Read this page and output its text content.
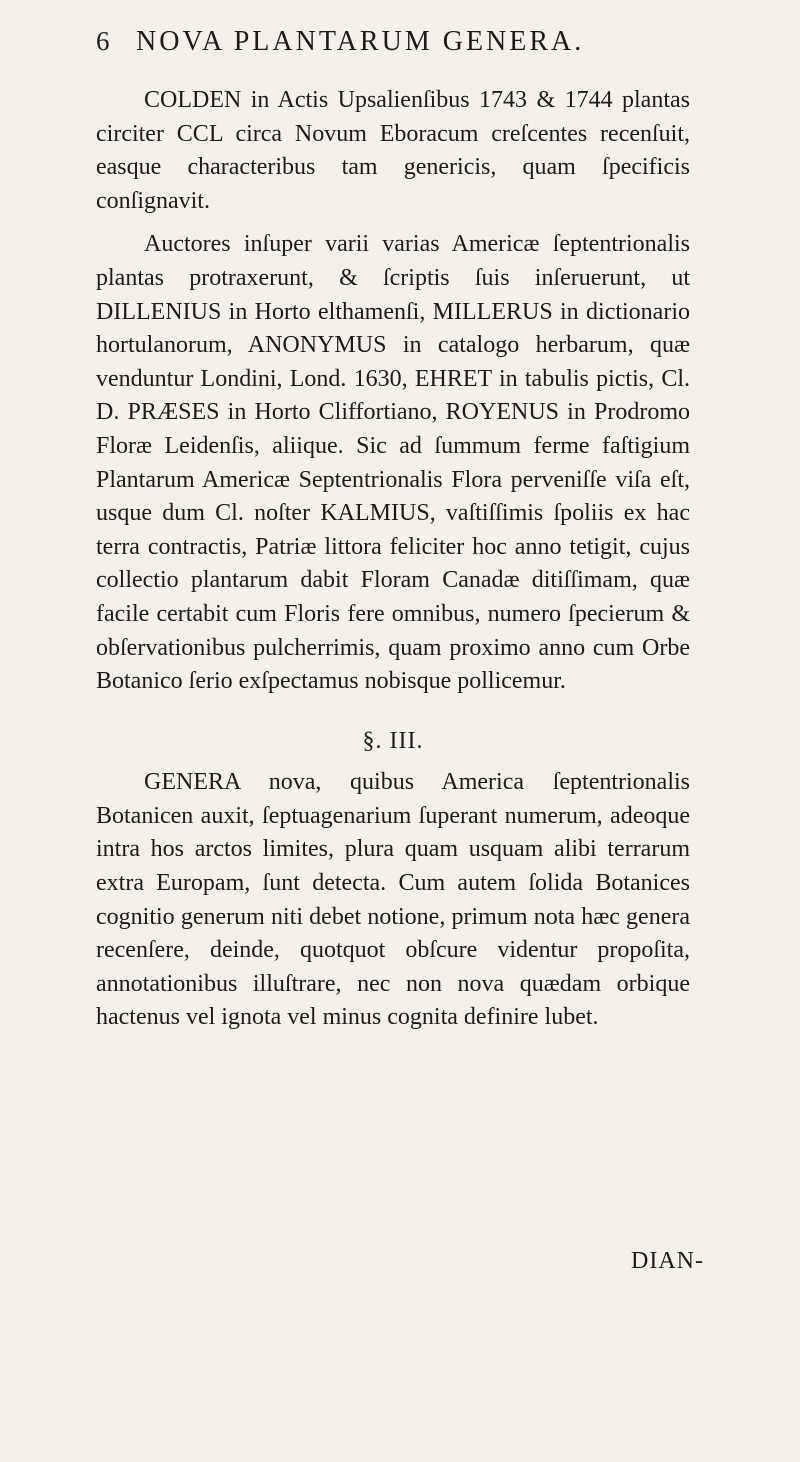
6 NOVA PLANTARUM GENERA.

COLDEN in Actis Upsalienſibus 1743 & 1744 plantas circiter CCL circa Novum Eboracum creſcentes recenſuit, easque characteribus tam genericis, quam ſpecificis conſignavit.

Auctores inſuper varii varias Americæ ſeptentrionalis plantas protraxerunt, & ſcriptis ſuis inſeruerunt, ut DILLENIUS in Horto elthamenſi, MILLERUS in dictionario hortulanorum, ANONYMUS in catalogo herbarum, quæ venduntur Londini, Lond. 1630, EHRET in tabulis pictis, Cl. D. PRÆSES in Horto Cliffortiano, ROYENUS in Prodromo Floræ Leidenſis, aliique. Sic ad ſummum ferme faſtigium Plantarum Americæ Septentrionalis Flora perveniſſe viſa eſt, usque dum Cl. noſter KALMIUS, vaſtiſſimis ſpoliis ex hac terra contractis, Patriæ littora feliciter hoc anno tetigit, cujus collectio plantarum dabit Floram Canadæ ditiſſimam, quæ facile certabit cum Floris fere omnibus, numero ſpecierum & obſervationibus pulcherrimis, quam proximo anno cum Orbe Botanico ſerio exſpectamus nobisque pollicemur.

§. III.

GENERA nova, quibus America ſeptentrionalis Botanicen auxit, ſeptuagenarium ſuperant numerum, adeoque intra hos arctos limites, plura quam usquam alibi terrarum extra Europam, ſunt detecta. Cum autem ſolida Botanices cognitio generum niti debet notione, primum nota hæc genera recenſere, deinde, quotquot obſcure videntur propoſita, annotationibus illuſtrare, nec non nova quædam orbique hactenus vel ignota vel minus cognita definire lubet.

DIAN-
